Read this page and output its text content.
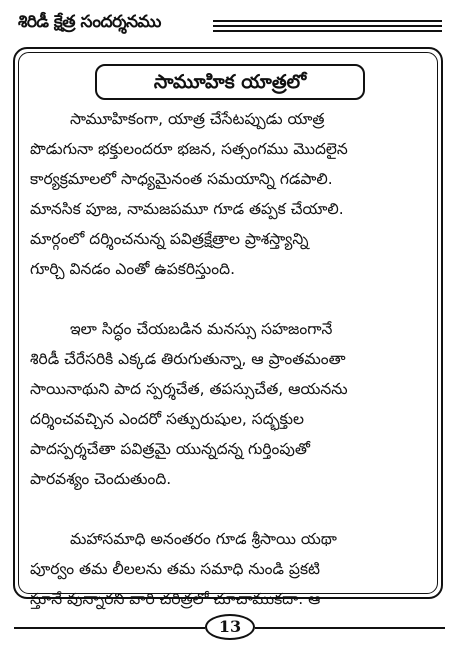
శిరిడీ క్షేత్ర సందర్శనము
సామూహిక యాత్రలో
సామూహికంగా, యాత్ర చేసేటప్పుడు యాత్ర
పొడుగునా భక్తులందరూ భజన, సత్సంగము మొదలైన
కార్యక్రమాలలో సాధ్యమైనంత సమయాన్ని గడపాలి.
మానసిక పూజ, నామజపమూ గూడ తప్పక చేయాలి.
మార్గంలో దర్శించనున్న పవిత్రక్షేత్రాల ప్రాశస్త్యాన్ని
గూర్చి వినడం ఎంతో ఉపకరిస్తుంది.
ఇలా సిద్ధం చేయబడిన మనస్సు సహజంగానే
శిరిడీ చేరేసరికి ఎక్కడ తిరుగుతున్నా, ఆ ప్రాంతమంతా
సాయినాథుని పాద స్పర్శచేత, తపస్సుచేత, ఆయనను
దర్శించవచ్చిన ఎందరో సత్పురుషుల, సద్భక్తుల
పాదస్పర్శచేతా పవిత్రమై యున్నదన్న గుర్తింపుతో
పారవశ్యం చెందుతుంది.
మహాసమాధి అనంతరం గూడ శ్రీసాయి యథా
పూర్వం తమ లీలలను తమ సమాధి నుండి ప్రకటి
స్తూనే వున్నారని వారి చరిత్రలో చూచాముకదా. ఆ
13
